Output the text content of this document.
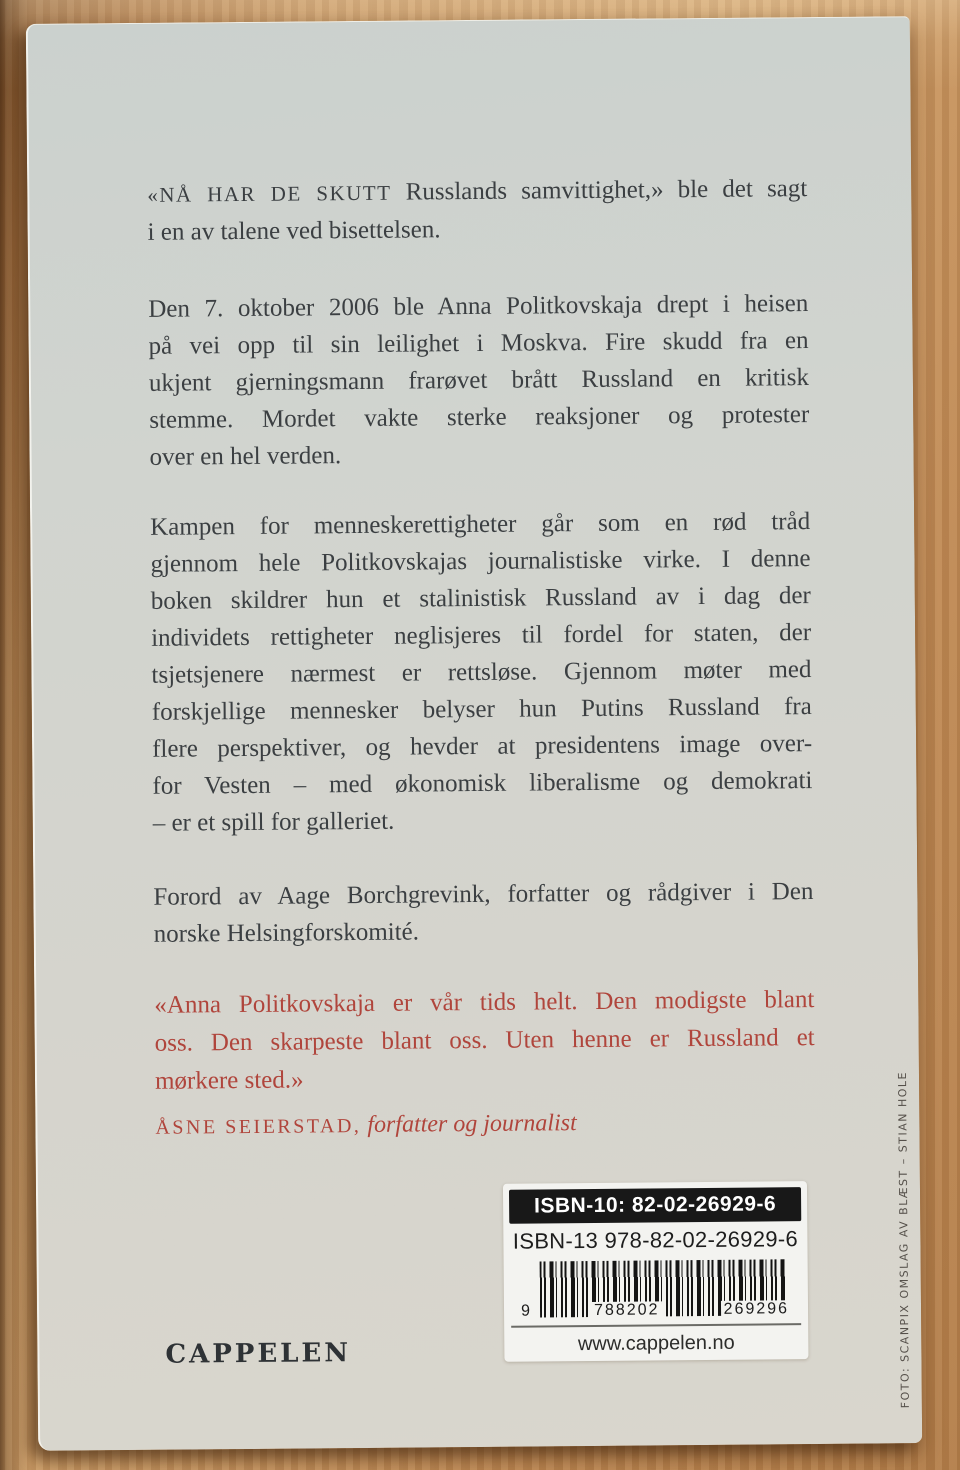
«NÅ HAR DE SKUTT Russlands samvittighet,» ble det sagt
i en av talene ved bisettelsen.
Den 7. oktober 2006 ble Anna Politkovskaja drept i heisen
på vei opp til sin leilighet i Moskva. Fire skudd fra en
ukjent gjerningsmann frarøvet brått Russland en kritisk
stemme. Mordet vakte sterke reaksjoner og protester
over en hel verden.
Kampen for menneskerettigheter går som en rød tråd
gjennom hele Politkovskajas journalistiske virke. I denne
boken skildrer hun et stalinistisk Russland av i dag der
individets rettigheter neglisjeres til fordel for staten, der
tsjetsjenere nærmest er rettsløse. Gjennom møter med
forskjellige mennesker belyser hun Putins Russland fra
flere perspektiver, og hevder at presidentens image over-
for Vesten – med økonomisk liberalisme og demokrati
– er et spill for galleriet.
Forord av Aage Borchgrevink, forfatter og rådgiver i Den
norske Helsingforskomité.
«Anna Politkovskaja er vår tids helt. Den modigste blant
oss. Den skarpeste blant oss. Uten henne er Russland et
mørkere sted.»
ÅSNE SEIERSTAD, forfatter og journalist
CAPPELEN	FOTO: SCANPIX OMSLAG AV BLÆST – STIAN HOLE
ISBN-10: 82-02-26929-6
ISBN-13 978-82-02-26929-6
9	788202	269296
www.cappelen.no
